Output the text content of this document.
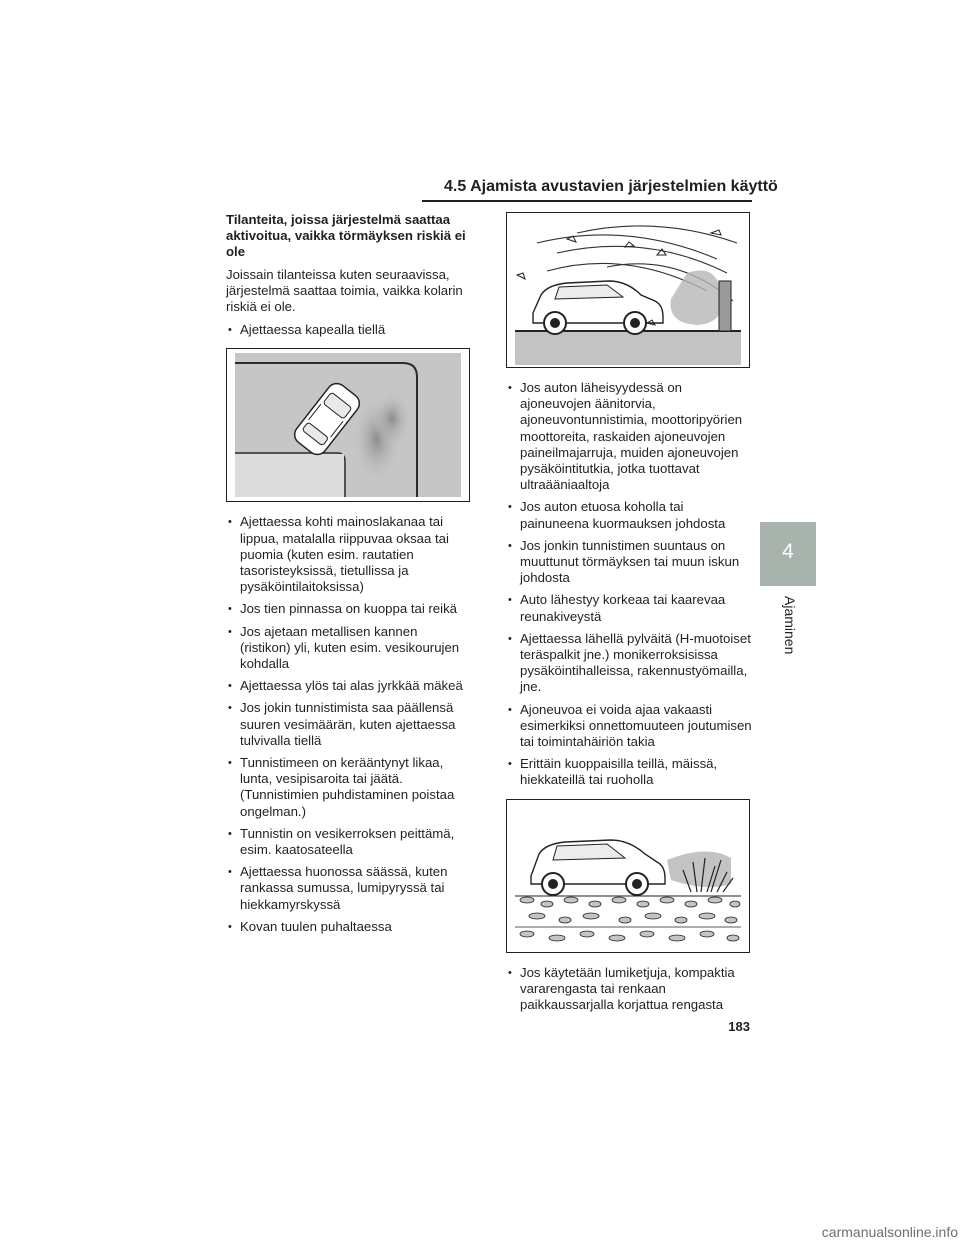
4.5 Ajamista avustavien järjestelmien käyttö
4
Ajaminen
Tilanteita, joissa järjestelmä saattaa aktivoitua, vaikka törmäyksen riskiä ei ole
Joissain tilanteissa kuten seuraavissa, järjestelmä saattaa toimia, vaikka kolarin riskiä ei ole.
• Ajettaessa kapealla tiellä
• Ajettaessa kohti mainoslakanaa tai lippua, matalalla riippuvaa oksaa tai puomia (kuten esim. rautatien tasoristeyksissä, tietullissa ja pysäköintilaitoksissa)
• Jos tien pinnassa on kuoppa tai reikä
• Jos ajetaan metallisen kannen (ristikon) yli, kuten esim. vesikourujen kohdalla
• Ajettaessa ylös tai alas jyrkkää mäkeä
• Jos jokin tunnistimista saa päällensä suuren vesimäärän, kuten ajettaessa tulvivalla tiellä
• Tunnistimeen on kerääntynyt likaa, lunta, vesipisaroita tai jäätä. (Tunnistimien puhdistaminen poistaa ongelman.)
• Tunnistin on vesikerroksen peittämä, esim. kaatosateella
• Ajettaessa huonossa säässä, kuten rankassa sumussa, lumipyryssä tai hiekkamyrskyssä
• Kovan tuulen puhaltaessa
• Jos auton läheisyydessä on ajoneuvojen äänitorvia, ajoneuvontunnistimia, moottoripyörien moottoreita, raskaiden ajoneuvojen paineilmajarruja, muiden ajoneuvojen pysäköintitutkia, jotka tuottavat ultraääniaaltoja
• Jos auton etuosa koholla tai painuneena kuormauksen johdosta
• Jos jonkin tunnistimen suuntaus on muuttunut törmäyksen tai muun iskun johdosta
• Auto lähestyy korkeaa tai kaarevaa reunakiveystä
• Ajettaessa lähellä pylväitä (H-muotoiset teräspalkit jne.) monikerroksisissa pysäköintihalleissa, rakennustyömailla, jne.
• Ajoneuvoa ei voida ajaa vakaasti esimerkiksi onnettomuuteen joutumisen tai toimintahäiriön takia
• Erittäin kuoppaisilla teillä, mäissä, hiekkateillä tai ruoholla
• Jos käytetään lumiketjuja, kompaktia vararengasta tai renkaan paikkaussarjalla korjattua rengasta
183
carmanualsonline.info
